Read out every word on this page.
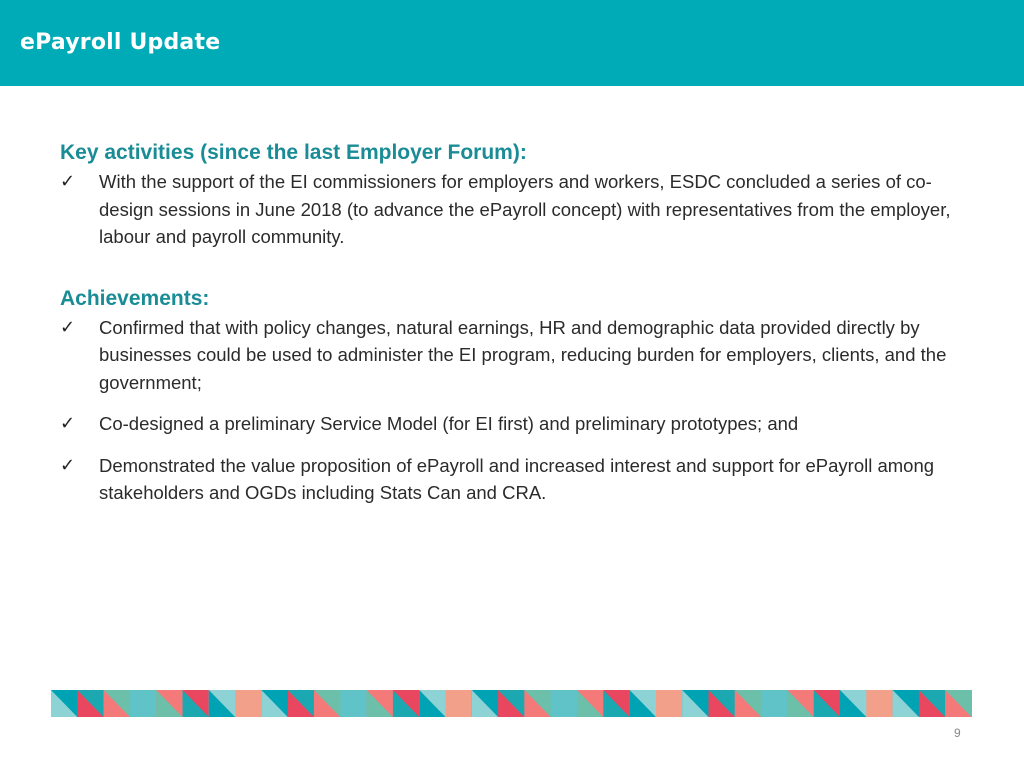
ePayroll Update
Key activities (since the last Employer Forum):
✓ With the support of the EI commissioners for employers and workers, ESDC concluded a series of co-design sessions in June 2018 (to advance the ePayroll concept) with representatives from the employer, labour and payroll community.
Achievements:
✓ Confirmed that with policy changes, natural earnings, HR and demographic data provided directly by businesses could be used to administer the EI program, reducing burden for employers, clients, and the government;
✓ Co-designed a preliminary Service Model (for EI first) and preliminary prototypes; and
✓ Demonstrated the value proposition of ePayroll and increased interest and support for ePayroll among stakeholders and OGDs including Stats Can and CRA.
9
